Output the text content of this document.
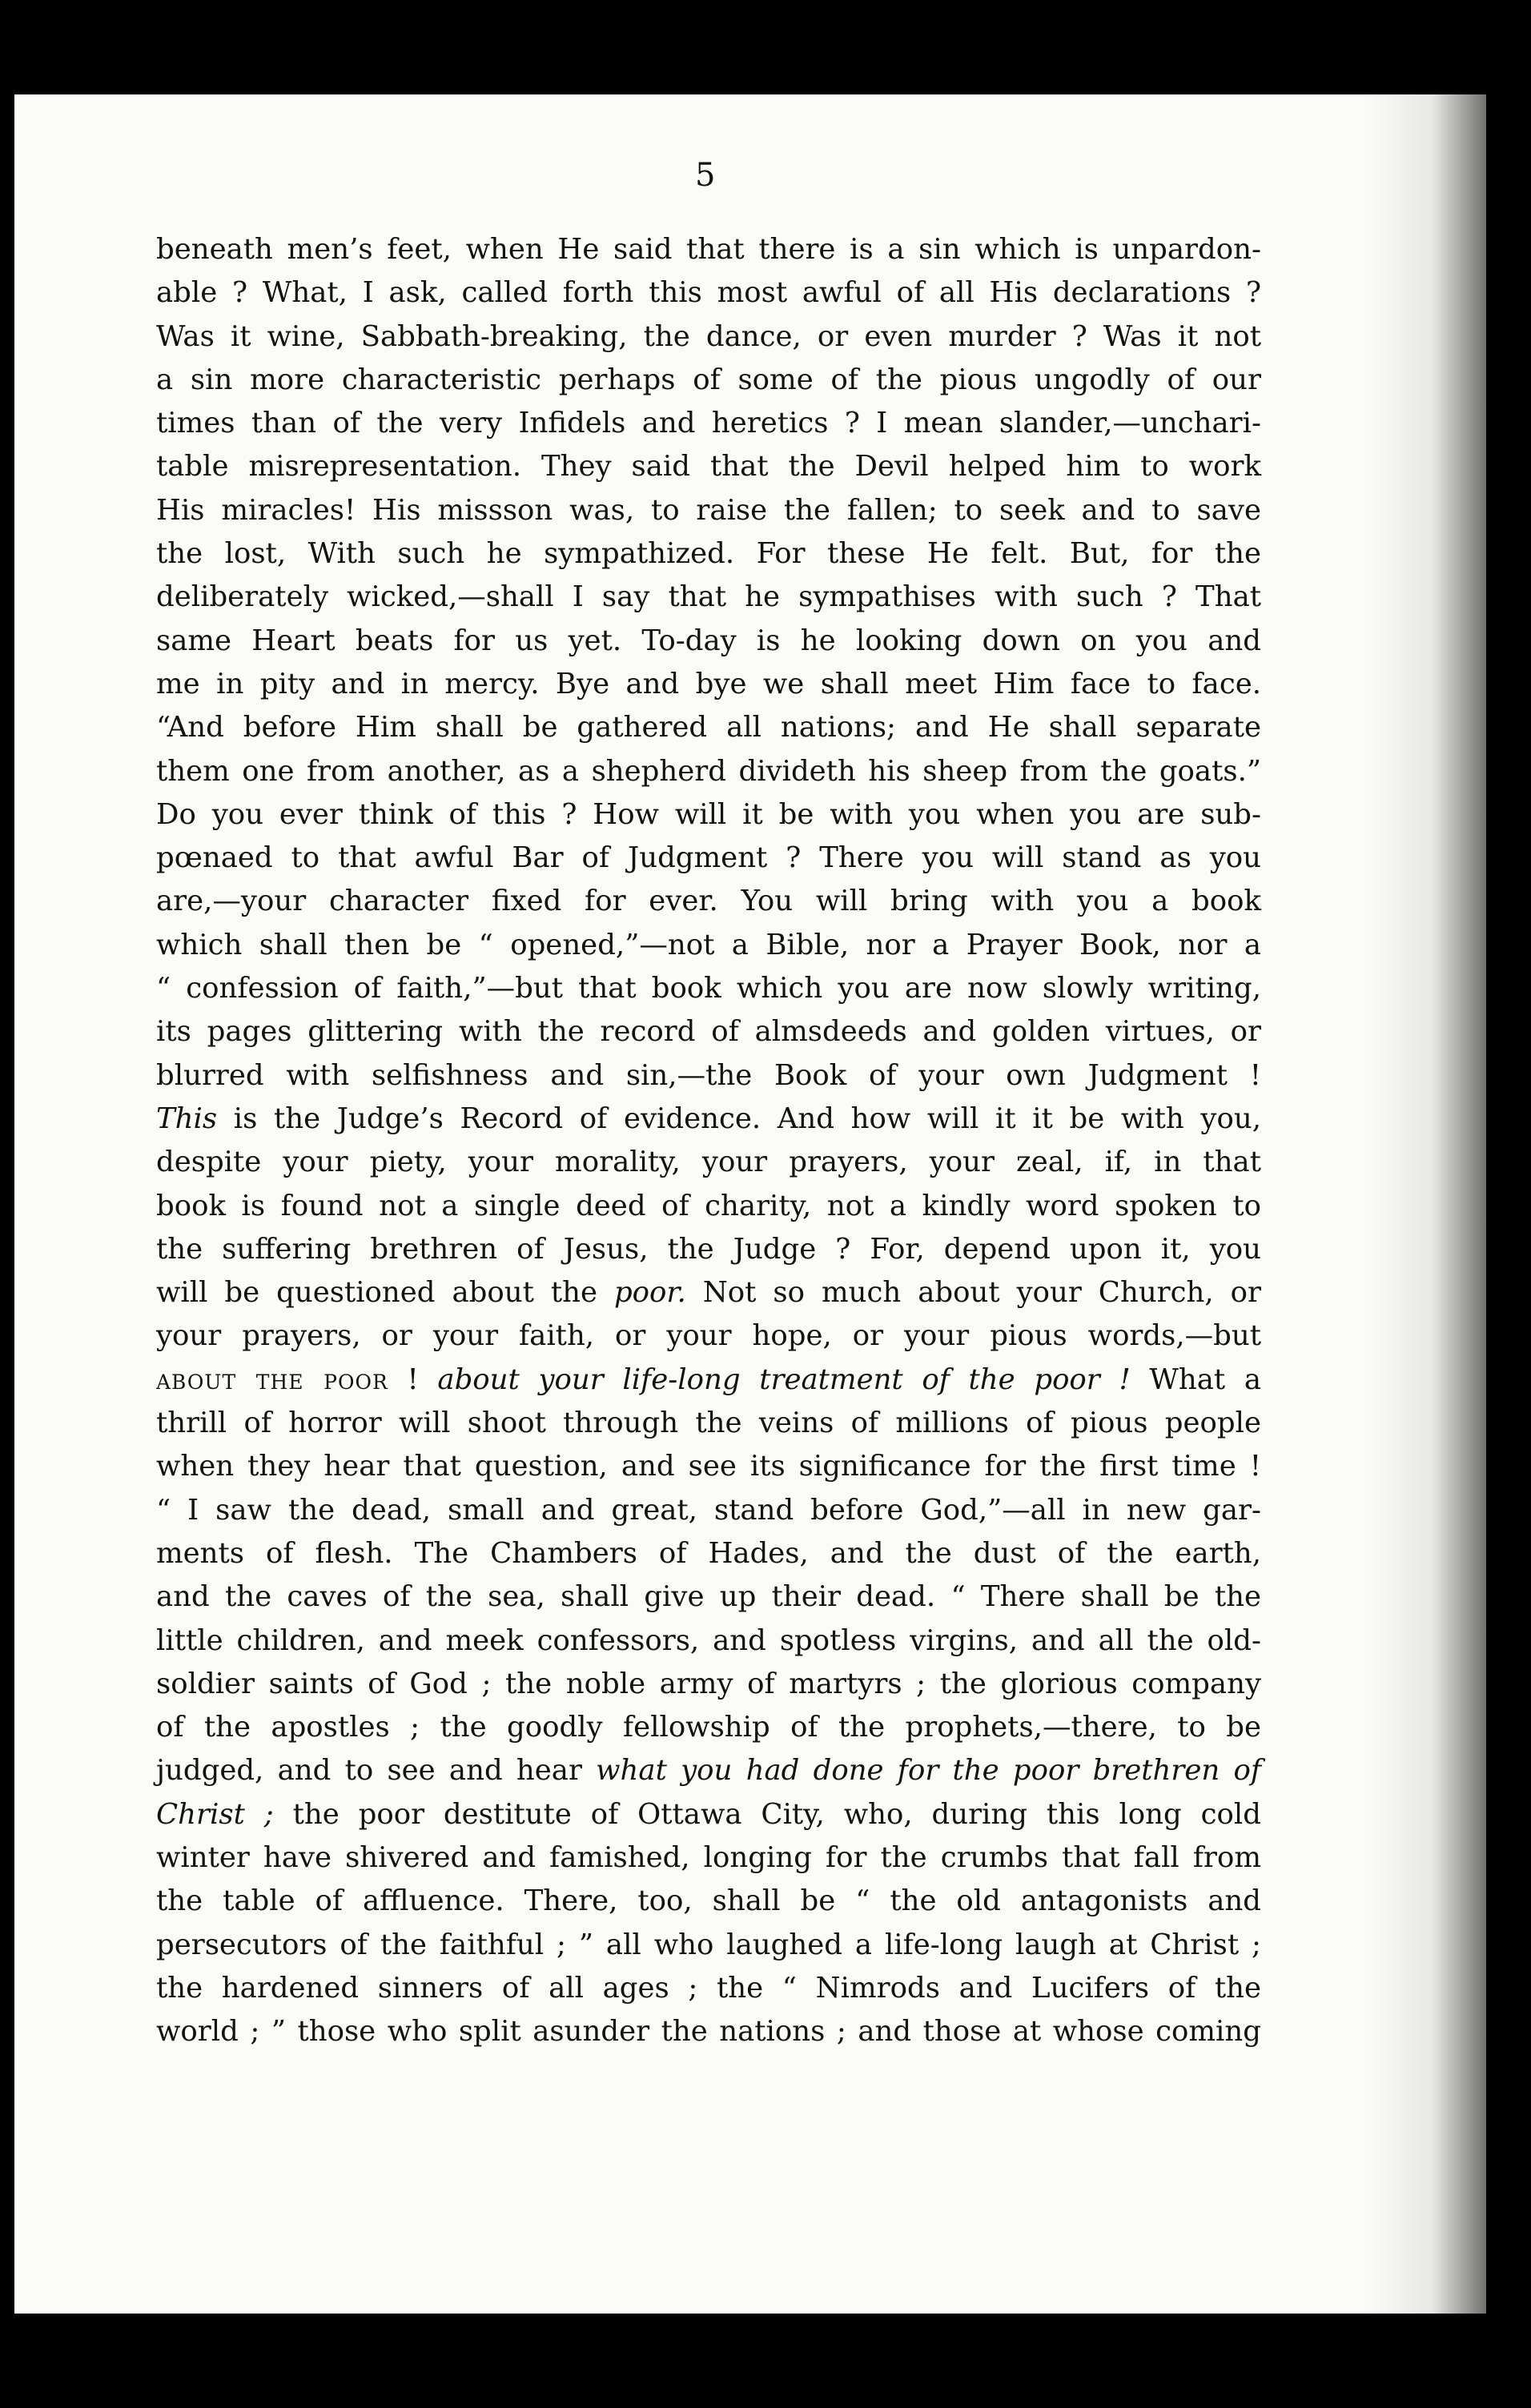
5
beneath men’s feet, when He said that there is a sin which is unpardon-
able ? What, I ask, called forth this most awful of all His declarations ?
Was it wine, Sabbath-breaking, the dance, or even murder ? Was it not
a sin more characteristic perhaps of some of the pious ungodly of our
times than of the very Infidels and heretics ? I mean slander,—unchari-
table misrepresentation. They said that the Devil helped him to work
His miracles! His missson was, to raise the fallen; to seek and to save
the lost, With such he sympathized. For these He felt. But, for the
deliberately wicked,—shall I say that he sympathises with such ? That
same Heart beats for us yet. To-day is he looking down on you and
me in pity and in mercy. Bye and bye we shall meet Him face to face.
“And before Him shall be gathered all nations; and He shall separate
them one from another, as a shepherd divideth his sheep from the goats.”
Do you ever think of this ? How will it be with you when you are sub-
pœnaed to that awful Bar of Judgment ? There you will stand as you
are,—your character fixed for ever. You will bring with you a book
which shall then be “ opened,”—not a Bible, nor a Prayer Book, nor a
“ confession of faith,”—but that book which you are now slowly writing,
its pages glittering with the record of almsdeeds and golden virtues, or
blurred with selfishness and sin,—the Book of your own Judgment !
This is the Judge’s Record of evidence. And how will it it be with you,
despite your piety, your morality, your prayers, your zeal, if, in that
book is found not a single deed of charity, not a kindly word spoken to
the suffering brethren of Jesus, the Judge ? For, depend upon it, you
will be questioned about the poor. Not so much about your Church, or
your prayers, or your faith, or your hope, or your pious words,—but
about the poor ! about your life-long treatment of the poor ! What a
thrill of horror will shoot through the veins of millions of pious people
when they hear that question, and see its significance for the first time !
“ I saw the dead, small and great, stand before God,”—all in new gar-
ments of flesh. The Chambers of Hades, and the dust of the earth,
and the caves of the sea, shall give up their dead. “ There shall be the
little children, and meek confessors, and spotless virgins, and all the old-
soldier saints of God ; the noble army of martyrs ; the glorious company
of the apostles ; the goodly fellowship of the prophets,—there, to be
judged, and to see and hear what you had done for the poor brethren of
Christ ; the poor destitute of Ottawa City, who, during this long cold
winter have shivered and famished, longing for the crumbs that fall from
the table of affluence. There, too, shall be “ the old antagonists and
persecutors of the faithful ; ” all who laughed a life-long laugh at Christ ;
the hardened sinners of all ages ; the “ Nimrods and Lucifers of the
world ; ” those who split asunder the nations ; and those at whose coming
